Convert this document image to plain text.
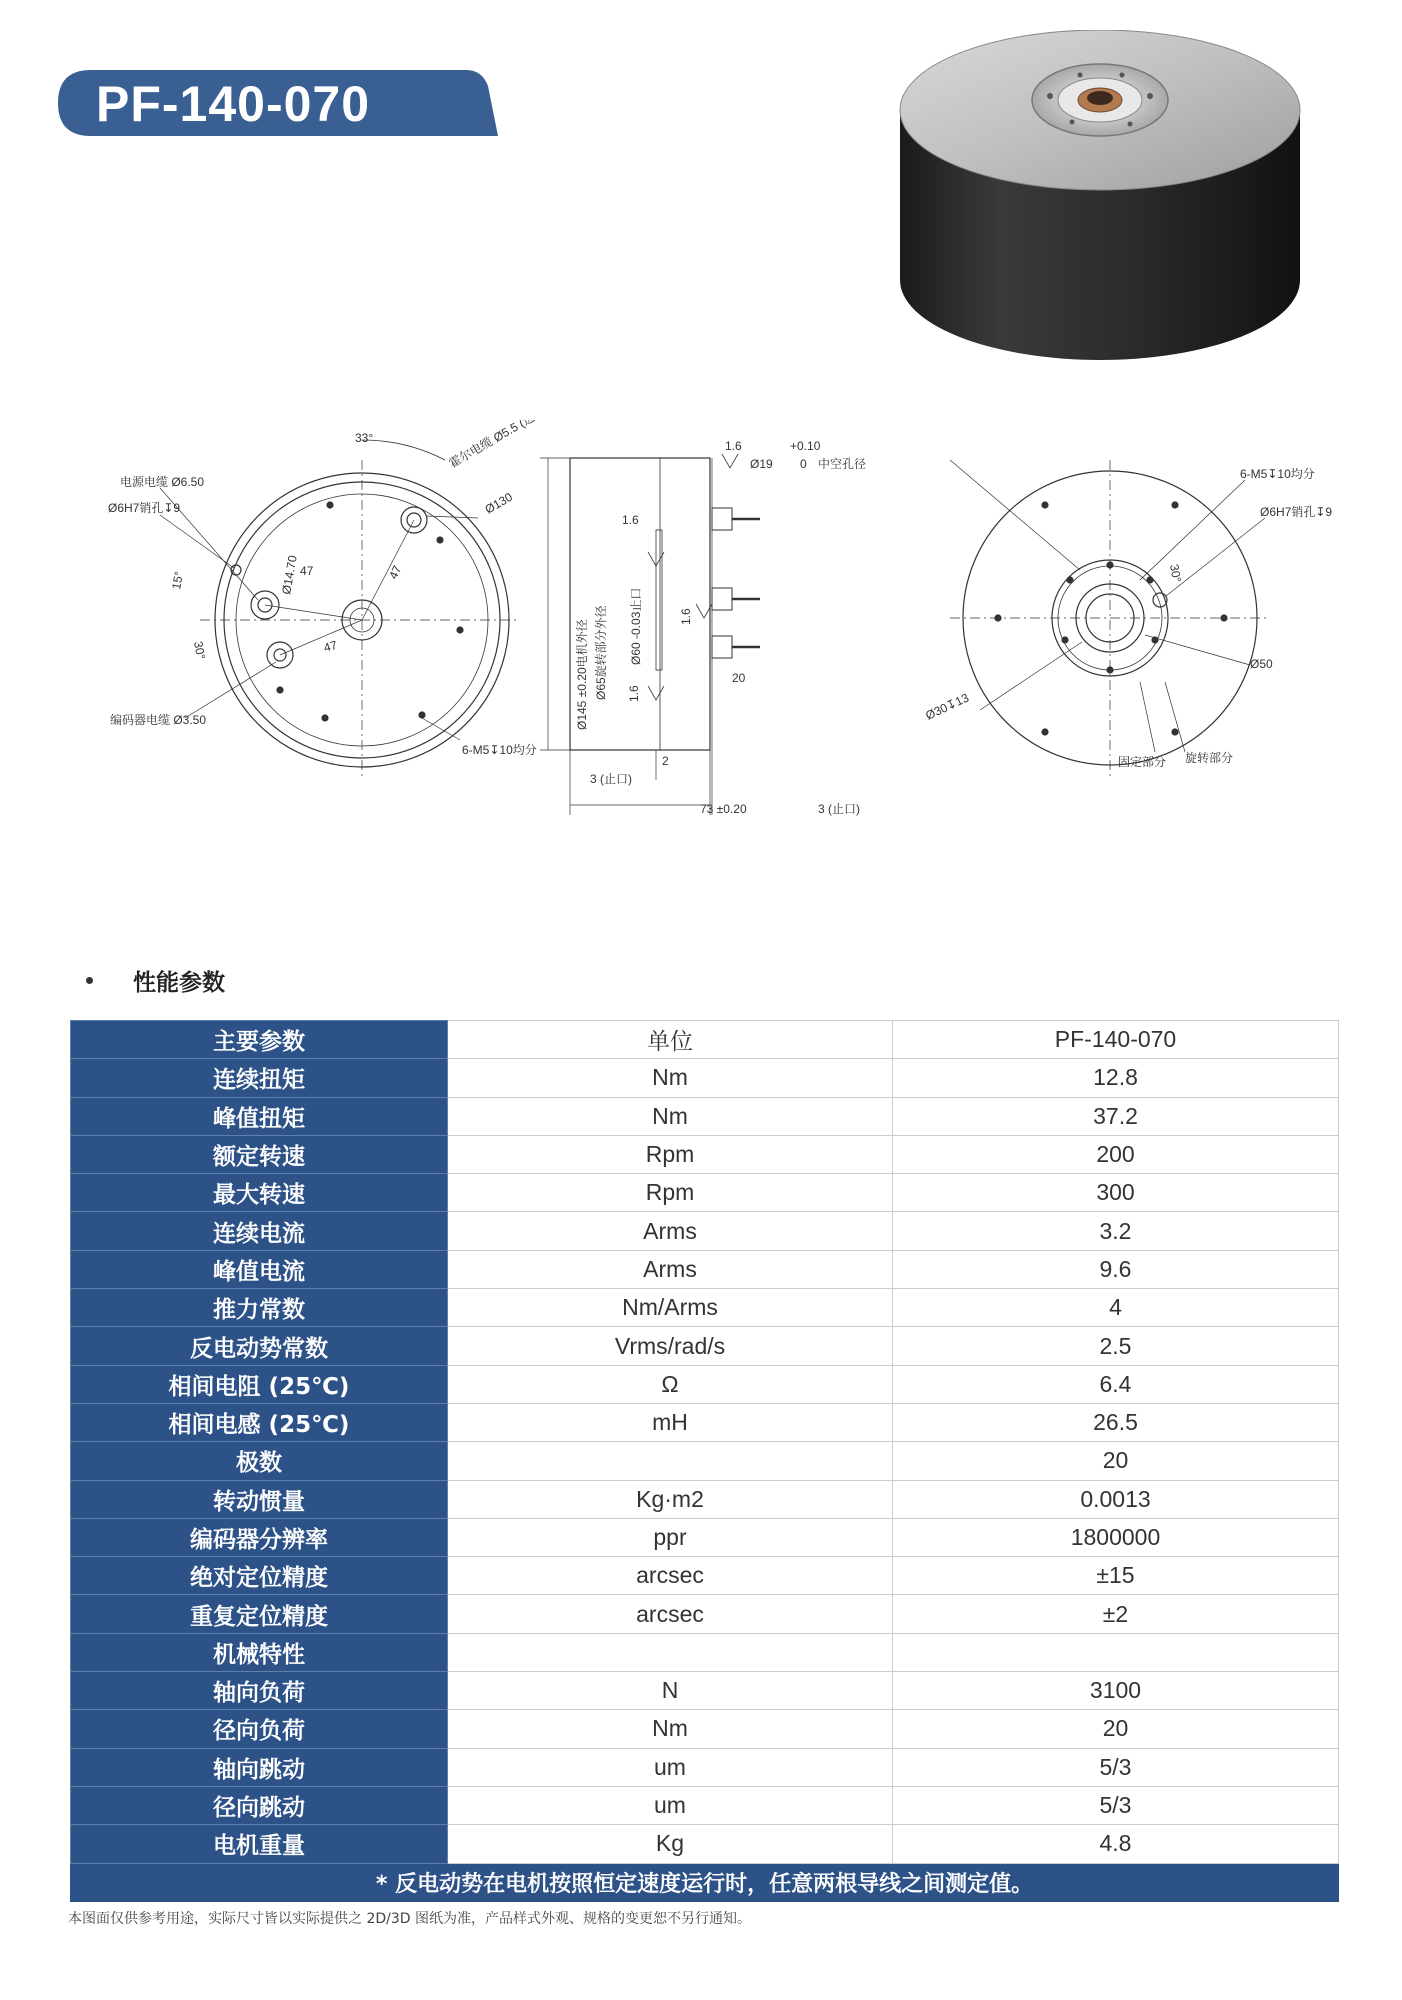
PF-140-070
33°	霍尔电缆 Ø5.5 (选配)
电源电缆 Ø6.50
Ø6H7销孔↧9	Ø130
Ø14.70 47	47
47
15°
30°
编码器电缆 Ø3.50
6-M5↧10均分
1.6
1.6
1.6
1.6
Ø145 ±0.20电机外径 Ø65旋转部分外径 Ø60 -0.03止口
Ø19
+0.10
0 中空孔径
20
2
3 (止口)
73 ±0.20	3 (止口)
6-M5↧10均分
Ø6H7销孔↧9
30°
Ø50
Ø30↧13
固定部分 旋转部分
性能参数
主要参数	单位	PF-140-070
连续扭矩	Nm	12.8
峰值扭矩	Nm	37.2
额定转速	Rpm	200
最大转速	Rpm	300
连续电流	Arms	3.2
峰值电流	Arms	9.6
推力常数	Nm/Arms	4
反电动势常数	Vrms/rad/s	2.5
相间电阻 (25℃)	Ω	6.4
相间电感 (25℃)	mH	26.5
极数		20
转动惯量	Kg·m2	0.0013
编码器分辨率	ppr	1800000
绝对定位精度	arcsec	±15
重复定位精度	arcsec	±2
机械特性		
轴向负荷	N	3100
径向负荷	Nm	20
轴向跳动	um	5/3
径向跳动	um	5/3
电机重量	Kg	4.8
* 反电动势在电机按照恒定速度运行时，任意两根导线之间测定值。		
本图面仅供参考用途，实际尺寸皆以实际提供之 2D/3D 图纸为准，产品样式外观、规格的变更恕不另行通知。
